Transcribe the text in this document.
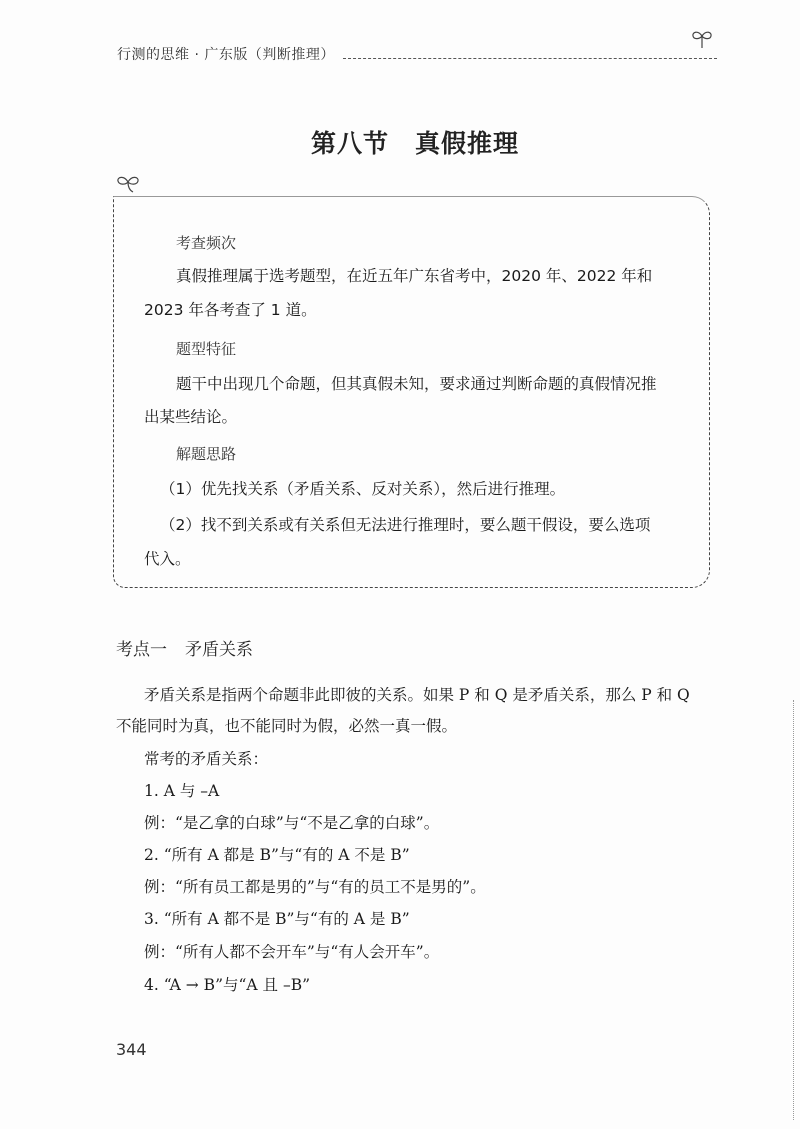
行测的思维 · 广东版（判断推理）
第八节 真假推理
考查频次
真假推理属于选考题型，在近五年广东省考中，2020 年、2022 年和
2023 年各考查了 1 道。
题型特征
题干中出现几个命题，但其真假未知，要求通过判断命题的真假情况推
出某些结论。
解题思路
（1）优先找关系（矛盾关系、反对关系），然后进行推理。
（2）找不到关系或有关系但无法进行推理时，要么题干假设，要么选项
代入。
考点一 矛盾关系
矛盾关系是指两个命题非此即彼的关系。如果 P 和 Q 是矛盾关系，那么 P 和 Q
不能同时为真，也不能同时为假，必然一真一假。
常考的矛盾关系：
1. A 与 –A
例：“是乙拿的白球”与“不是乙拿的白球”。
2. “所有 A 都是 B”与“有的 A 不是 B”
例：“所有员工都是男的”与“有的员工不是男的”。
3. “所有 A 都不是 B”与“有的 A 是 B”
例：“所有人都不会开车”与“有人会开车”。
4. “A → B”与“A 且 –B”
344
